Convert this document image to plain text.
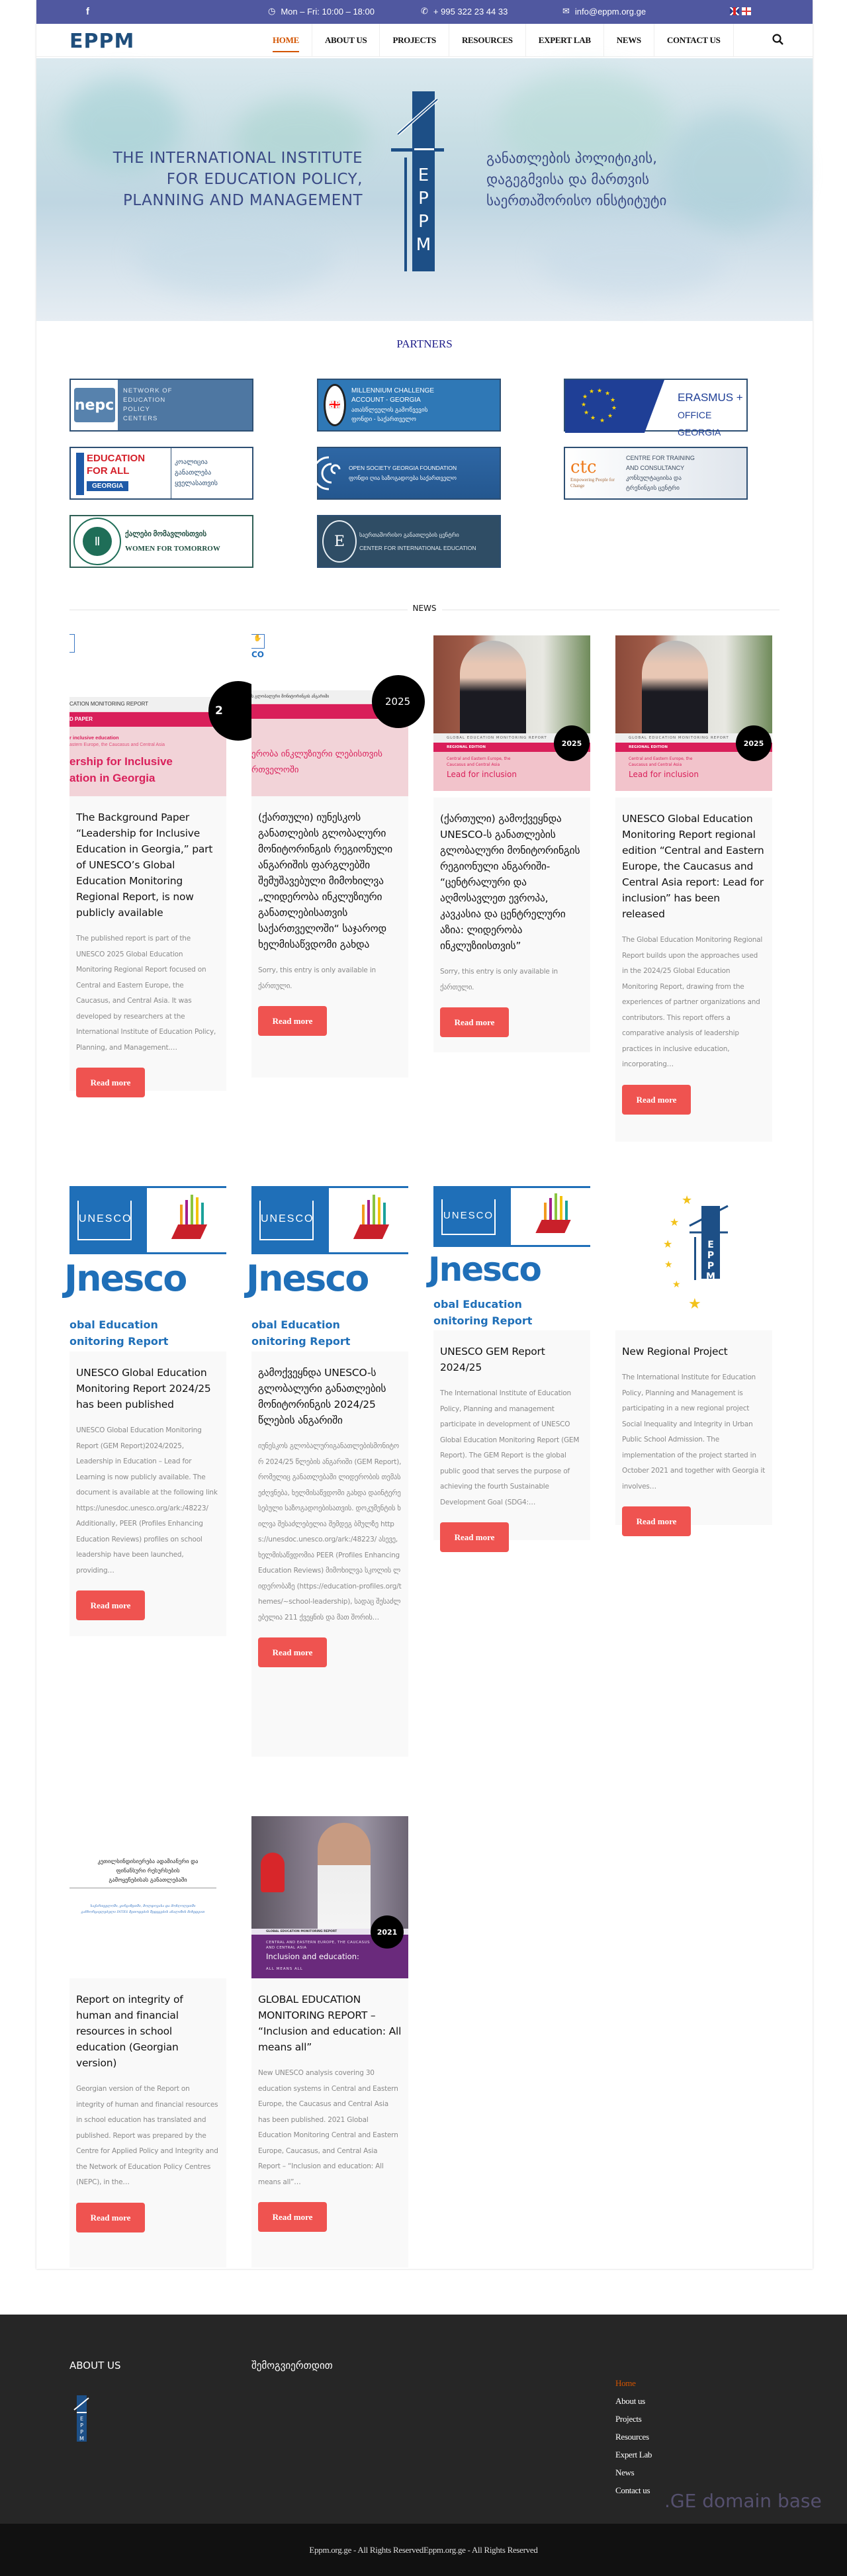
f	◷ Mon – Fri: 10:00 – 18:00	✆ + 995 322 23 44 33	✉ info@eppm.org.ge
EPPM	HOME	ABOUT US	PROJECTS	RESOURCES	EXPERT LAB	NEWS	CONTACT US
THE INTERNATIONAL INSTITUTE
FOR EDUCATION POLICY,
PLANNING AND MANAGEMENT
E
P
P
M
განათლების პოლიტიკის,
დაგეგმვისა და მართვის
საერთაშორისო ინსტიტუტი
PARTNERS
nepc
NETWORK OF
EDUCATION
POLICY
CENTERS
🇬🇪
MILLENNIUM CHALLENGE
ACCOUNT - GEORGIA
ათასწლეულის გამოწვევის
ფონდი - საქართველო
★ ★
★
★
★
★
★
★
★
★
★	ERASMUS +
OFFICE GEORGIA
EDUCATION
FOR ALL
GEORGIA
კოალიცია
განათლება
ყველასათვის
OPEN SOCIETY GEORGIA FOUNDATION
ფონდი ღია საზოგადოება საქართველო
ctc
Empowering People for Change
CENTRE FOR TRAINING
AND CONSULTANCY
კონსულტაციისა და
ტრენინგის ცენტრი
Ⅱ
ქალები მომავლისთვის
WOMEN FOR TOMORROW	E	საერთაშორისო განათლების ცენტრი
CENTER FOR INTERNATIONAL EDUCATION
NEWS
CATION MONITORING REPORT
D PAPER
r inclusive education
astern Europe, the Caucasus and Central Asia
ership for Inclusive ation in Georgia
2
The Background Paper “Leadership for Inclusive Education in Georgia,” part of UNESCO’s Global Education Monitoring Regional Report, is now publicly available

The published report is part of the UNESCO 2025 Global Education Monitoring Regional Report focused on Central and Eastern Europe, the Caucasus, and Central Asia. It was developed by researchers at the International Institute of Education Policy, Planning, and Management.…

Read more
✋
CO
ს გლობალური მონიტორინგის ანგარიში
ერობა ინკლუზიური ლებისთვის რთველოში
2025
(ქართული) იუნესკოს განათლების გლობალური მონიტორინგის რეგიონული ანგარიშის ფარგლებში შემუშავებული მიმოხილვა „ლიდერობა ინკლუზიური განათლებისათვის საქართველოში“ საჯაროდ ხელმისაწვდომი გახდა

Sorry, this entry is only available in ქართული.

Read more
GLOBAL EDUCATION MONITORING REPORT
REGIONAL EDITION
Central and Eastern Europe, the Caucasus and Central Asia
Lead for inclusion
2025
(ქართული) გამოქვეყნდა UNESCO-ს განათლების გლობალური მონიტორინგის რეგიონული ანგარიში- “ცენტრალური და აღმოსავლეთ ევროპა, კავკასია და ცენტრელური აზია: ლიდერობა ინკლუზიისთვის”

Sorry, this entry is only available in ქართული.

Read more
GLOBAL EDUCATION MONITORING REPORT
REGIONAL EDITION
Central and Eastern Europe, the Caucasus and Central Asia
Lead for inclusion
2025
UNESCO Global Education Monitoring Report regional edition “Central and Eastern Europe, the Caucasus and Central Asia report: Lead for inclusion” has been released

The Global Education Monitoring Regional Report builds upon the approaches used in the 2024/25 Global Education Monitoring Report, drawing from the experiences of partner organizations and contributors. This report offers a comparative analysis of leadership practices in inclusive education, incorporating…

Read more
UNESCO
Jnesco
obal Education
onitoring Report
UNESCO Global Education Monitoring Report 2024/25 has been published

UNESCO Global Education Monitoring Report (GEM Report)2024/2025, Leadership in Education – Lead for Learning is now publicly available. The document is available at the following link https://unesdoc.unesco.org/ark:/48223/ Additionally, PEER (Profiles Enhancing Education Reviews) profiles on school leadership have been launched, providing…

Read more
UNESCO
Jnesco
obal Education
onitoring Report
გამოქვეყნდა UNESCO-ს გლობალური განათლების მონიტორინგის 2024/25 წლების ანგარიში

იუნესკოს გლობალურიგანათლებისმონიტორ 2024/25 წლების ანგარიში (GEM Report), რომელიც განათლებაში ლიდერობის თემას ეძღვნება, ხელმისაწვდომი გახდა დაინტერესებული საზოგადოებისათვის. დოკუმენტის ხილვა შესაძლებელია შემდეგ ბმულზე https://unesdoc.unesco.org/ark:/48223/ ასევე, ხელმისაწვდომია PEER (Profiles Enhancing Education Reviews) მიმოხილვა სკოლის ლიდერობაზე (https://education-profiles.org/themes/~school-leadership), სადაც შესაძლებელია 211 ქვეყნის და მათ შორის…

Read more
UNESCO
Jnesco
obal Education
onitoring Report
UNESCO GEM Report 2024/25

The International Institute of Education Policy, Planning and management participate in development of UNESCO Global Education Monitoring Report (GEM Report). The GEM Report is the global public good that serves the purpose of achieving the fourth Sustainable Development Goal (SDG4:…

Read more
★
★
★
★
★
★
E
P
P
M
New Regional Project

The International Institute for Education Policy, Planning and Management is participating in a new regional project Social Inequality and Integrity in Urban Public School Admission. The implementation of the project started in October 2021 and together with Georgia it involves…

Read more
კეთილსინდისიერება ადამიანური და
ფინანსური რესურსების
გამოყენებისას განათლებაში
საქართველოში, ყირგიზეთში, მოლდოვასა და მონღოლეთში განხორციელებული INTES მეთოდების შედეგების ანალიზის მიხედვით
Report on integrity of human and financial resources in school education (Georgian version)

Georgian version of the Report on integrity of human and financial resources in school education has translated and published. Report was prepared by the Centre for Applied Policy and Integrity and the Network of Education Policy Centres (NEPC), in the…

Read more
GLOBAL EDUCATION MONITORING REPORT
CENTRAL AND EASTERN EUROPE, THE CAUCASUS AND CENTRAL ASIA
Inclusion and education:
ALL MEANS ALL
2021
GLOBAL EDUCATION MONITORING REPORT – “Inclusion and education: All means all”

New UNESCO analysis covering 30 education systems in Central and Eastern Europe, the Caucasus and Central Asia has been published. 2021 Global Education Monitoring Central and Eastern Europe, Caucasus, and Central Asia Report – “Inclusion and education: All means all”…

Read more
ABOUT US	შემოგვიერთდით
E
P
P
M
Home
About us
Projects
Resources
Expert Lab
News
Contact us .GE domain base
Eppm.org.ge - All Rights ReservedEppm.org.ge - All Rights Reserved
